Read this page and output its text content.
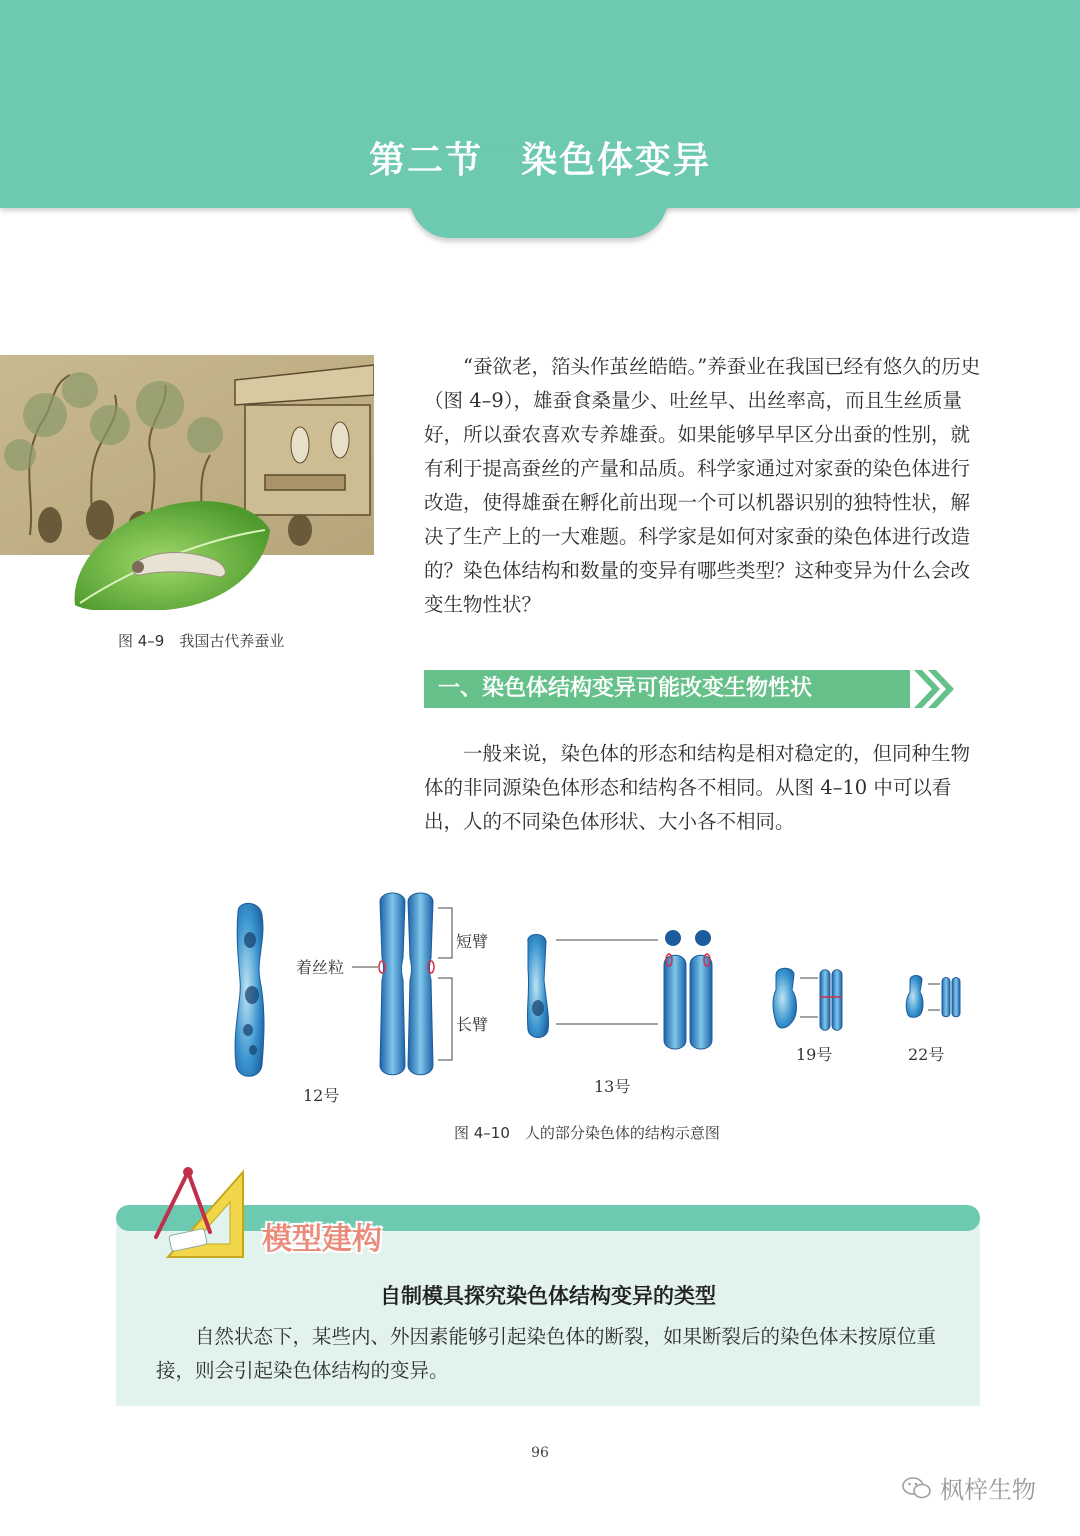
第二节　染色体变异
图 4–9　我国古代养蚕业

“蚕欲老，箔头作茧丝皓皓。”养蚕业在我国已经有悠久的历史（图 4–9），雄蚕食桑量少、吐丝早、出丝率高，而且生丝质量好，所以蚕农喜欢专养雄蚕。如果能够早早区分出蚕的性别，就有利于提高蚕丝的产量和品质。科学家通过对家蚕的染色体进行改造，使得雄蚕在孵化前出现一个可以机器识别的独特性状，解决了生产上的一大难题。科学家是如何对家蚕的染色体进行改造的？染色体结构和数量的变异有哪些类型？这种变异为什么会改变生物性状？

一、染色体结构变异可能改变生物性状

一般来说，染色体的形态和结构是相对稳定的，但同种生物体的非同源染色体形态和结构各不相同。从图 4–10 中可以看出，人的不同染色体形状、大小各不相同。

着丝粒
短臂
长臂
12号	13号
19号	22号
图 4–10　人的部分染色体的结构示意图
模型建构
自制模具探究染色体结构变异的类型

自然状态下，某些内、外因素能够引起染色体的断裂，如果断裂后的染色体未按原位重接，则会引起染色体结构的变异。

96
枫梓生物
